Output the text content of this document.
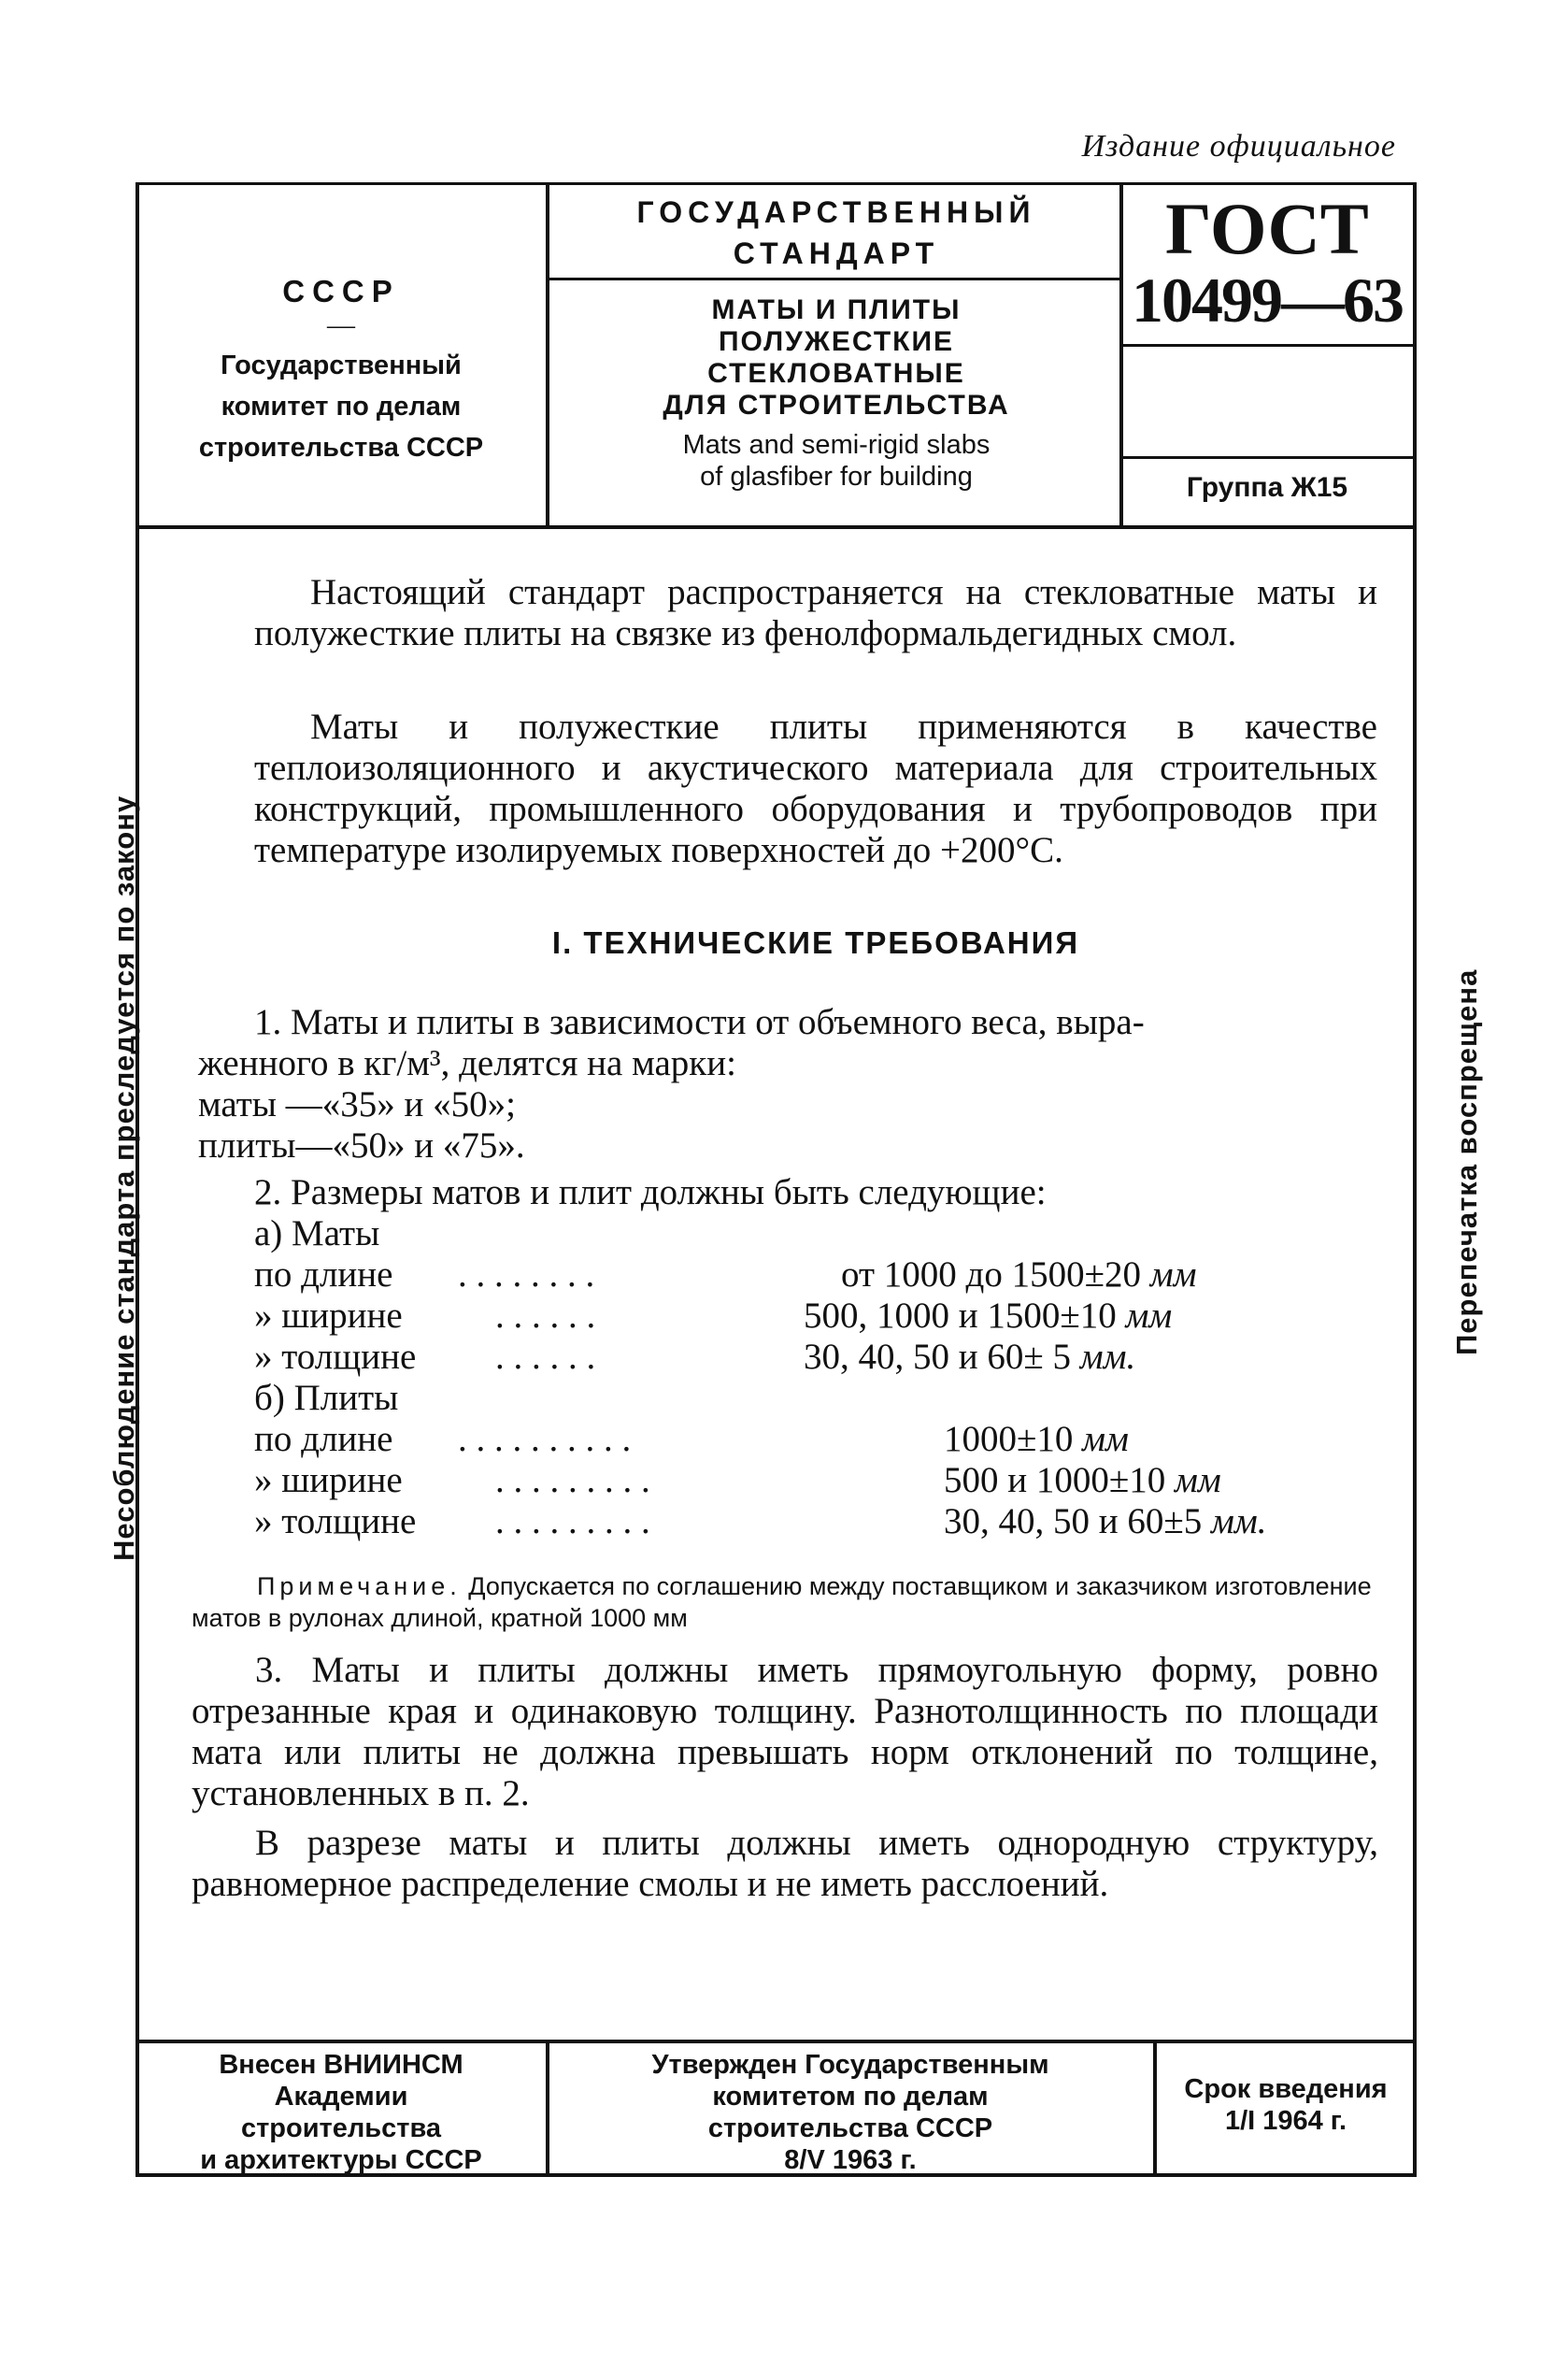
Издание официальное
СССР
—
Государственный
комитет по делам
строительства СССР
ГОСУДАРСТВЕННЫЙ
СТАНДАРТ
МАТЫ И ПЛИТЫ
ПОЛУЖЕСТКИЕ
СТЕКЛОВАТНЫЕ
ДЛЯ СТРОИТЕЛЬСТВА
Mats and semi-rigid slabs
of glasfiber for building
ГОСТ
10499—63
Группа Ж15

Настоящий стандарт распространяется на стекловатные маты и полужесткие плиты на связке из фенолформальдегидных смол.

Маты и полужесткие плиты применяются в качестве теплоизоляционного и акустического материала для строительных конструкций, промышленного оборудования и трубопроводов при температуре изолируемых поверхностей до +200°C.

I. ТЕХНИЧЕСКИЕ ТРЕБОВАНИЯ
1. Маты и плиты в зависимости от объемного веса, выра-
женного в кг/м³, делятся на марки:
маты —«35» и «50»;
плиты—«50» и «75».
2. Размеры матов и плит должны быть следующие:
а) Маты
по длине . . . . . . . .	от 1000 до 1500±20 мм
» ширине	. . . . . .	500, 1000 и 1500±10 мм
» толщине . . . . . .	30, 40, 50 и 60± 5 мм.
б) Плиты
по длине . . . . . . . . . .	1000±10 мм
» ширине	. . . . . . . . .	500 и 1000±10 мм
» толщине . . . . . . . . .	30, 40, 50 и 60±5 мм.
Примечание. Допускается по соглашению между поставщиком и заказчиком изготовление матов в рулонах длиной, кратной 1000 мм
3. Маты и плиты должны иметь прямоугольную форму, ровно отрезанные края и одинаковую толщину. Разнотолщинность по площади мата или плиты не должна превышать норм отклонений по толщине, установленных в п. 2.
В разрезе маты и плиты должны иметь однородную структуру, равномерное распределение смолы и не иметь расслоений.
Внесен ВНИИНСМ
Академии
строительства
и архитектуры СССР
Утвержден Государственным
комитетом по делам
строительства СССР
8/V 1963 г.
Срок введения
1/I 1964 г.
Несоблюдение стандарта преследуется по закону	Перепечатка воспрещена
